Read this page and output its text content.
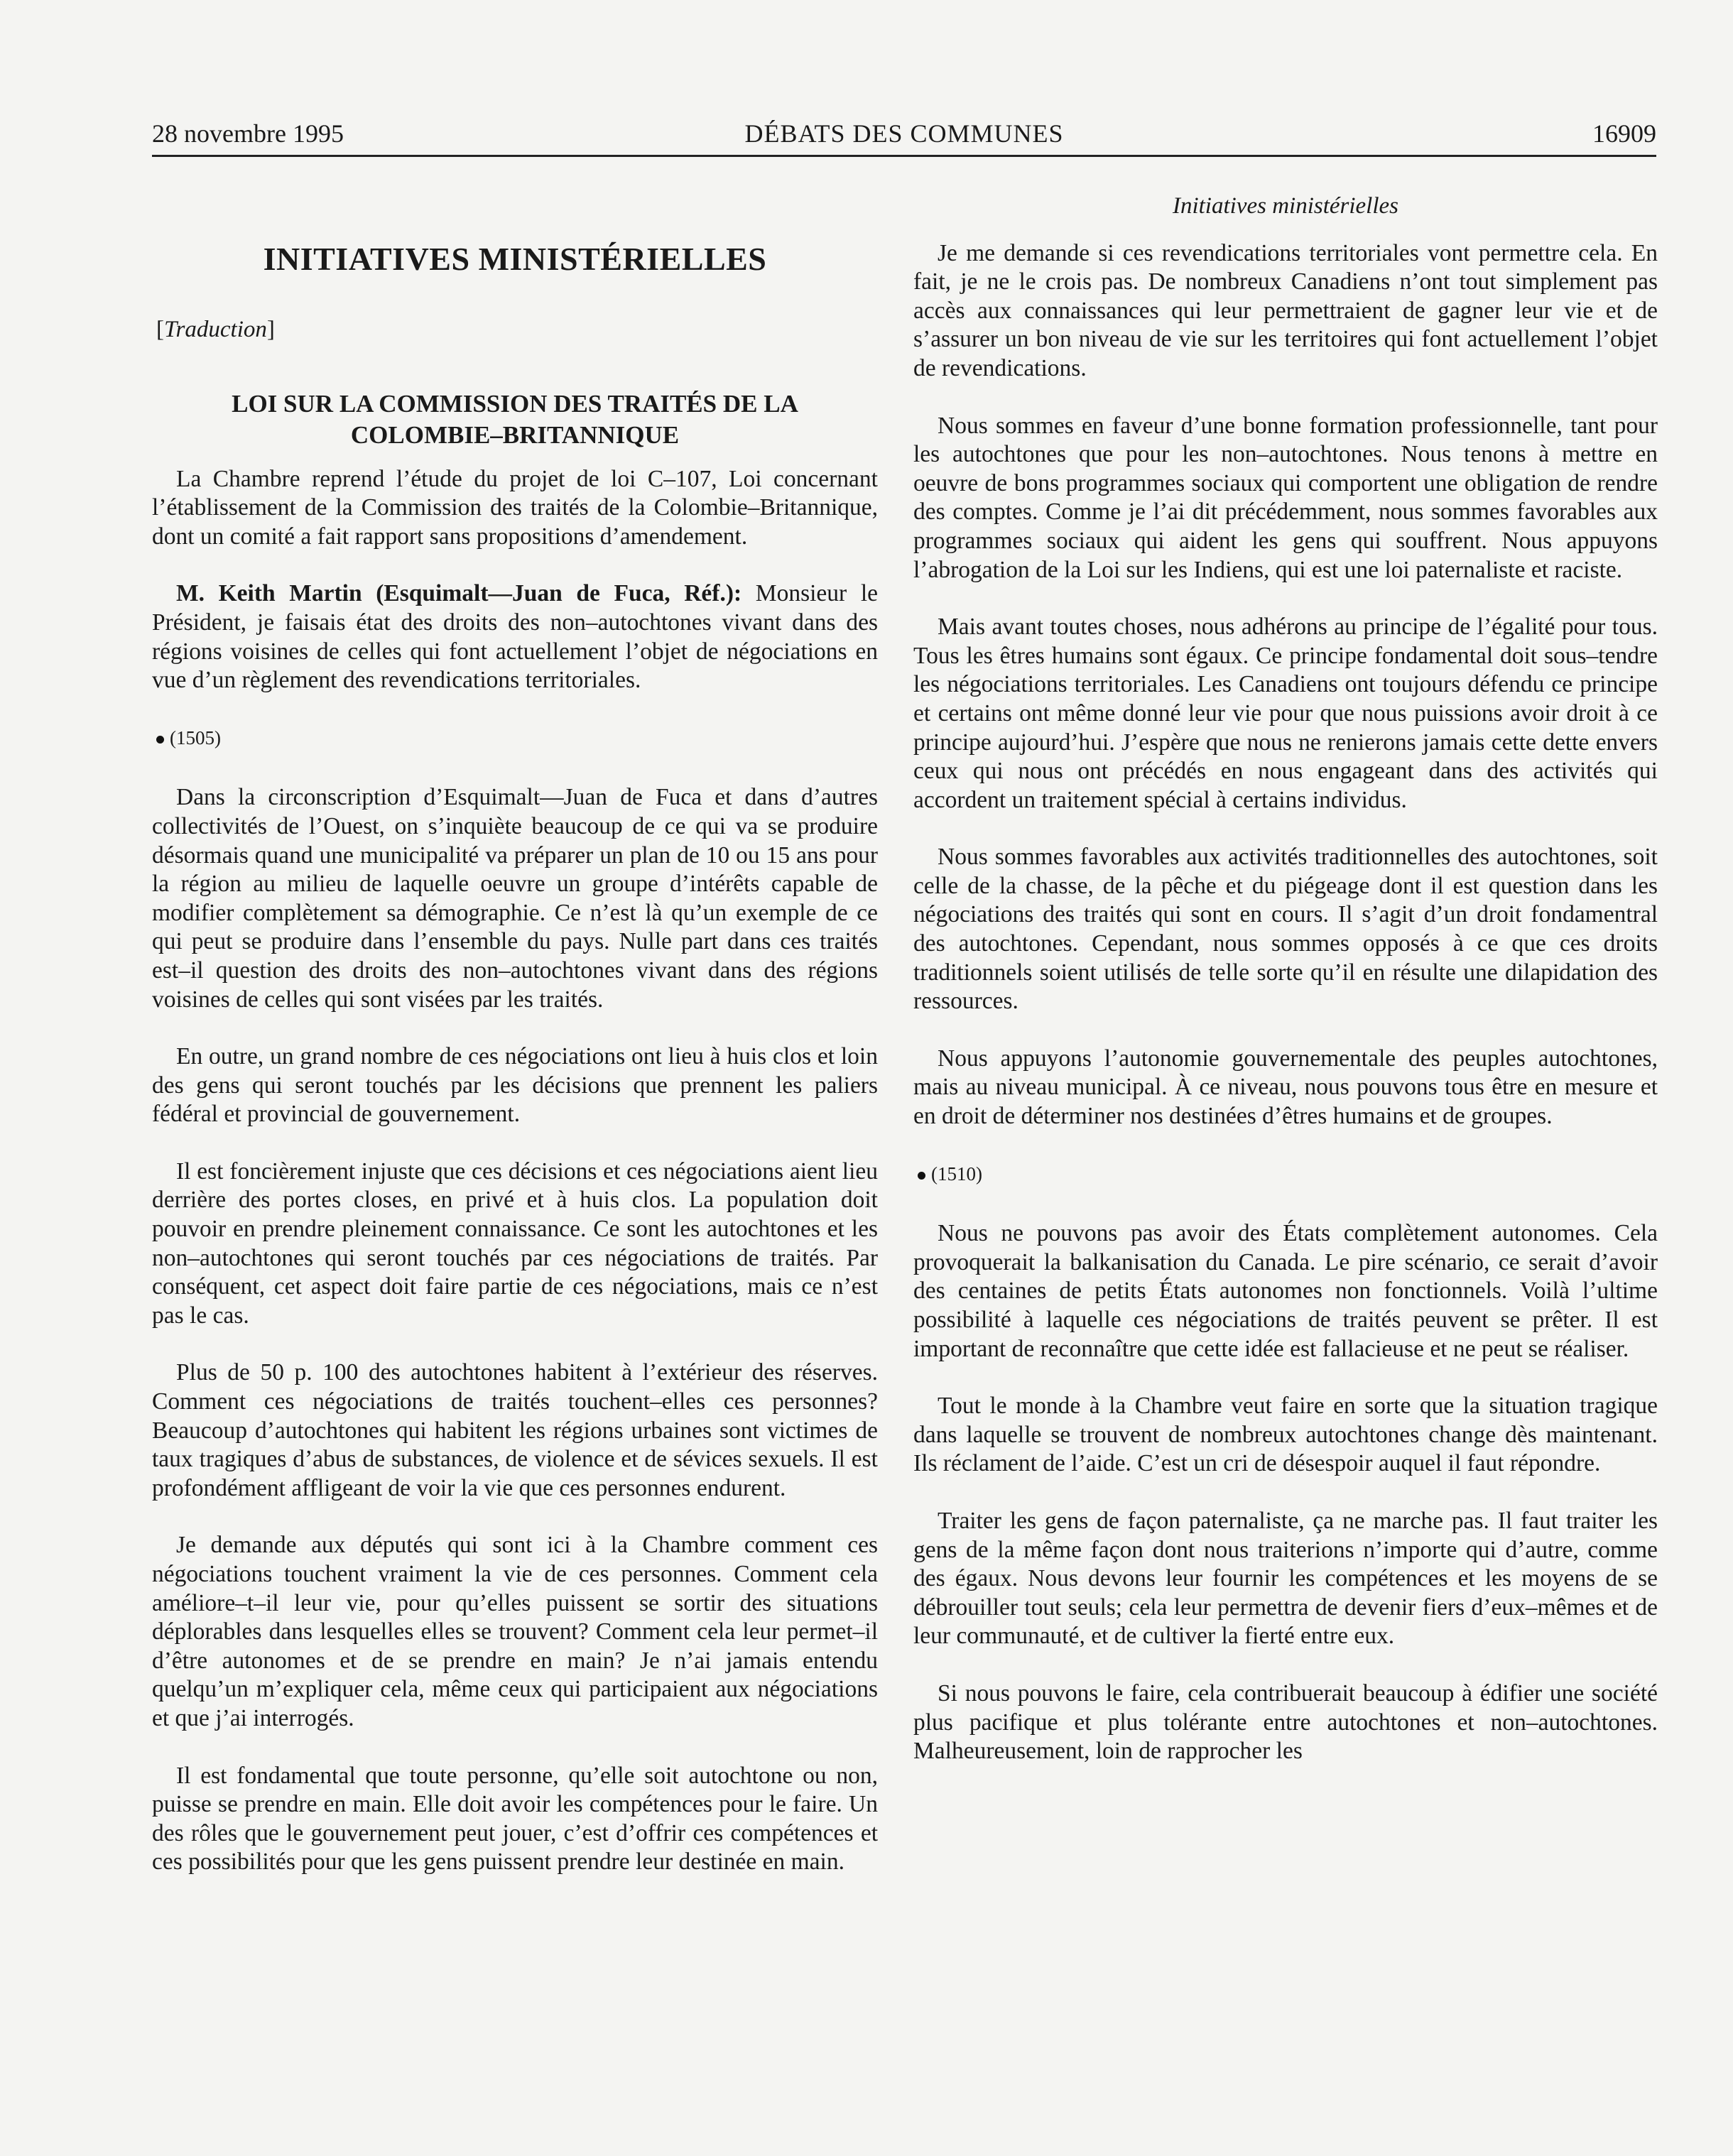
28 novembre 1995	DÉBATS DES COMMUNES	16909
INITIATIVES MINISTÉRIELLES
[Traduction]
LOI SUR LA COMMISSION DES TRAITÉS DE LA
COLOMBIE–BRITANNIQUE

La Chambre reprend l’étude du projet de loi C–107, Loi concernant l’établissement de la Commission des traités de la Colombie–Britannique, dont un comité a fait rapport sans propositions d’amendement.

M. Keith Martin (Esquimalt—Juan de Fuca, Réf.): Monsieur le Président, je faisais état des droits des non–autochtones vivant dans des régions voisines de celles qui font actuellement l’objet de négociations en vue d’un règlement des revendications territoriales.

(1505)

Dans la circonscription d’Esquimalt—Juan de Fuca et dans d’autres collectivités de l’Ouest, on s’inquiète beaucoup de ce qui va se produire désormais quand une municipalité va préparer un plan de 10 ou 15 ans pour la région au milieu de laquelle oeuvre un groupe d’intérêts capable de modifier complètement sa démographie. Ce n’est là qu’un exemple de ce qui peut se produire dans l’ensemble du pays. Nulle part dans ces traités est–il question des droits des non–autochtones vivant dans des régions voisines de celles qui sont visées par les traités.

En outre, un grand nombre de ces négociations ont lieu à huis clos et loin des gens qui seront touchés par les décisions que prennent les paliers fédéral et provincial de gouvernement.

Il est foncièrement injuste que ces décisions et ces négociations aient lieu derrière des portes closes, en privé et à huis clos. La population doit pouvoir en prendre pleinement connaissance. Ce sont les autochtones et les non–autochtones qui seront touchés par ces négociations de traités. Par conséquent, cet aspect doit faire partie de ces négociations, mais ce n’est pas le cas.

Plus de 50 p. 100 des autochtones habitent à l’extérieur des réserves. Comment ces négociations de traités touchent–elles ces personnes? Beaucoup d’autochtones qui habitent les régions urbaines sont victimes de taux tragiques d’abus de substances, de violence et de sévices sexuels. Il est profondément affligeant de voir la vie que ces personnes endurent.

Je demande aux députés qui sont ici à la Chambre comment ces négociations touchent vraiment la vie de ces personnes. Comment cela améliore–t–il leur vie, pour qu’elles puissent se sortir des situations déplorables dans lesquelles elles se trouvent? Comment cela leur permet–il d’être autonomes et de se prendre en main? Je n’ai jamais entendu quelqu’un m’expliquer cela, même ceux qui participaient aux négociations et que j’ai interrogés.

Il est fondamental que toute personne, qu’elle soit autochtone ou non, puisse se prendre en main. Elle doit avoir les compétences pour le faire. Un des rôles que le gouvernement peut jouer, c’est d’offrir ces compétences et ces possibilités pour que les gens puissent prendre leur destinée en main.

Initiatives ministérielles

Je me demande si ces revendications territoriales vont permettre cela. En fait, je ne le crois pas. De nombreux Canadiens n’ont tout simplement pas accès aux connaissances qui leur permettraient de gagner leur vie et de s’assurer un bon niveau de vie sur les territoires qui font actuellement l’objet de revendications.

Nous sommes en faveur d’une bonne formation professionnelle, tant pour les autochtones que pour les non–autochtones. Nous tenons à mettre en oeuvre de bons programmes sociaux qui comportent une obligation de rendre des comptes. Comme je l’ai dit précédemment, nous sommes favorables aux programmes sociaux qui aident les gens qui souffrent. Nous appuyons l’abrogation de la Loi sur les Indiens, qui est une loi paternaliste et raciste.

Mais avant toutes choses, nous adhérons au principe de l’égalité pour tous. Tous les êtres humains sont égaux. Ce principe fondamental doit sous–tendre les négociations territoriales. Les Canadiens ont toujours défendu ce principe et certains ont même donné leur vie pour que nous puissions avoir droit à ce principe aujourd’hui. J’espère que nous ne renierons jamais cette dette envers ceux qui nous ont précédés en nous engageant dans des activités qui accordent un traitement spécial à certains individus.

Nous sommes favorables aux activités traditionnelles des autochtones, soit celle de la chasse, de la pêche et du piégeage dont il est question dans les négociations des traités qui sont en cours. Il s’agit d’un droit fondamentral des autochtones. Cependant, nous sommes opposés à ce que ces droits traditionnels soient utilisés de telle sorte qu’il en résulte une dilapidation des ressources.

Nous appuyons l’autonomie gouvernementale des peuples autochtones, mais au niveau municipal. À ce niveau, nous pouvons tous être en mesure et en droit de déterminer nos destinées d’êtres humains et de groupes.

(1510)

Nous ne pouvons pas avoir des États complètement autonomes. Cela provoquerait la balkanisation du Canada. Le pire scénario, ce serait d’avoir des centaines de petits États autonomes non fonctionnels. Voilà l’ultime possibilité à laquelle ces négociations de traités peuvent se prêter. Il est important de reconnaître que cette idée est fallacieuse et ne peut se réaliser.

Tout le monde à la Chambre veut faire en sorte que la situation tragique dans laquelle se trouvent de nombreux autochtones change dès maintenant. Ils réclament de l’aide. C’est un cri de désespoir auquel il faut répondre.

Traiter les gens de façon paternaliste, ça ne marche pas. Il faut traiter les gens de la même façon dont nous traiterions n’importe qui d’autre, comme des égaux. Nous devons leur fournir les compétences et les moyens de se débrouiller tout seuls; cela leur permettra de devenir fiers d’eux–mêmes et de leur communauté, et de cultiver la fierté entre eux.

Si nous pouvons le faire, cela contribuerait beaucoup à édifier une société plus pacifique et plus tolérante entre autochtones et non–autochtones. Malheureusement, loin de rapprocher les
